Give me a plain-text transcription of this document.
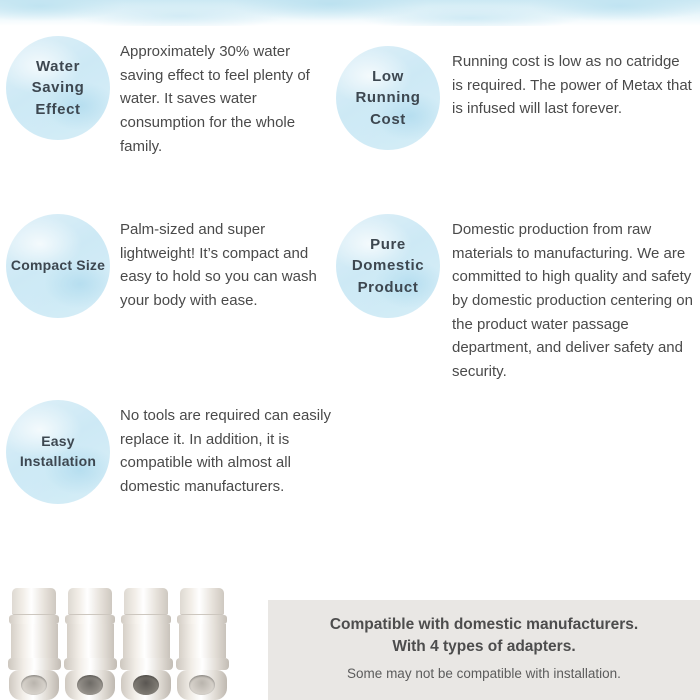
Water Saving Effect
Approximately 30% water saving effect to feel plenty of water. It saves water consumption for the whole family.
Low Running Cost
Running cost is low as no catridge is required. The power of Metax that is infused will last forever.
Compact Size
Palm-sized and super lightweight! It’s compact and easy to hold so you can wash your body with ease.
Pure Domestic Product
Domestic production from raw materials to manufacturing. We are committed to high quality and safety by domestic production centering on the product water passage department, and deliver safety and security.
Easy Installation
No tools are required can easily replace it. In addition, it is compatible with almost all domestic manufacturers.
Compatible with domestic manufacturers.
With 4 types of adapters.
Some may not be compatible with installation.
